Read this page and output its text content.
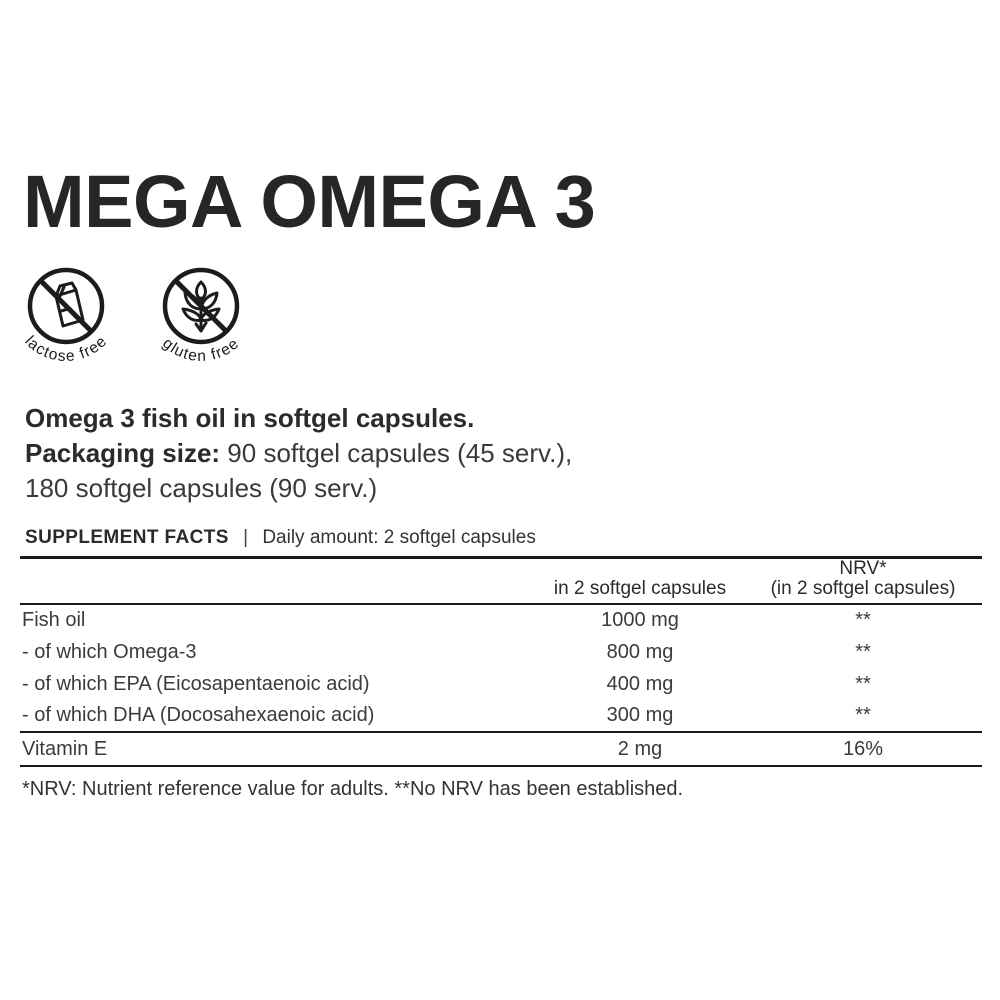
MEGA OMEGA 3
lactose free	gluten free

Omega 3 fish oil in softgel capsules.

Packaging size: 90 softgel capsules (45 serv.),

180 softgel capsules (90 serv.)

SUPPLEMENT FACTS | Daily amount: 2 softgel capsules
	in 2 softgel capsules	NRV*
(in 2 softgel capsules)

Fish oil	1000 mg	**
- of which Omega-3	800 mg	**
- of which EPA (Eicosapentaenoic acid)	400 mg	**
- of which DHA (Docosahexaenoic acid)	300 mg	**
Vitamin E	2 mg	16%

*NRV: Nutrient reference value for adults. **No NRV has been established.
